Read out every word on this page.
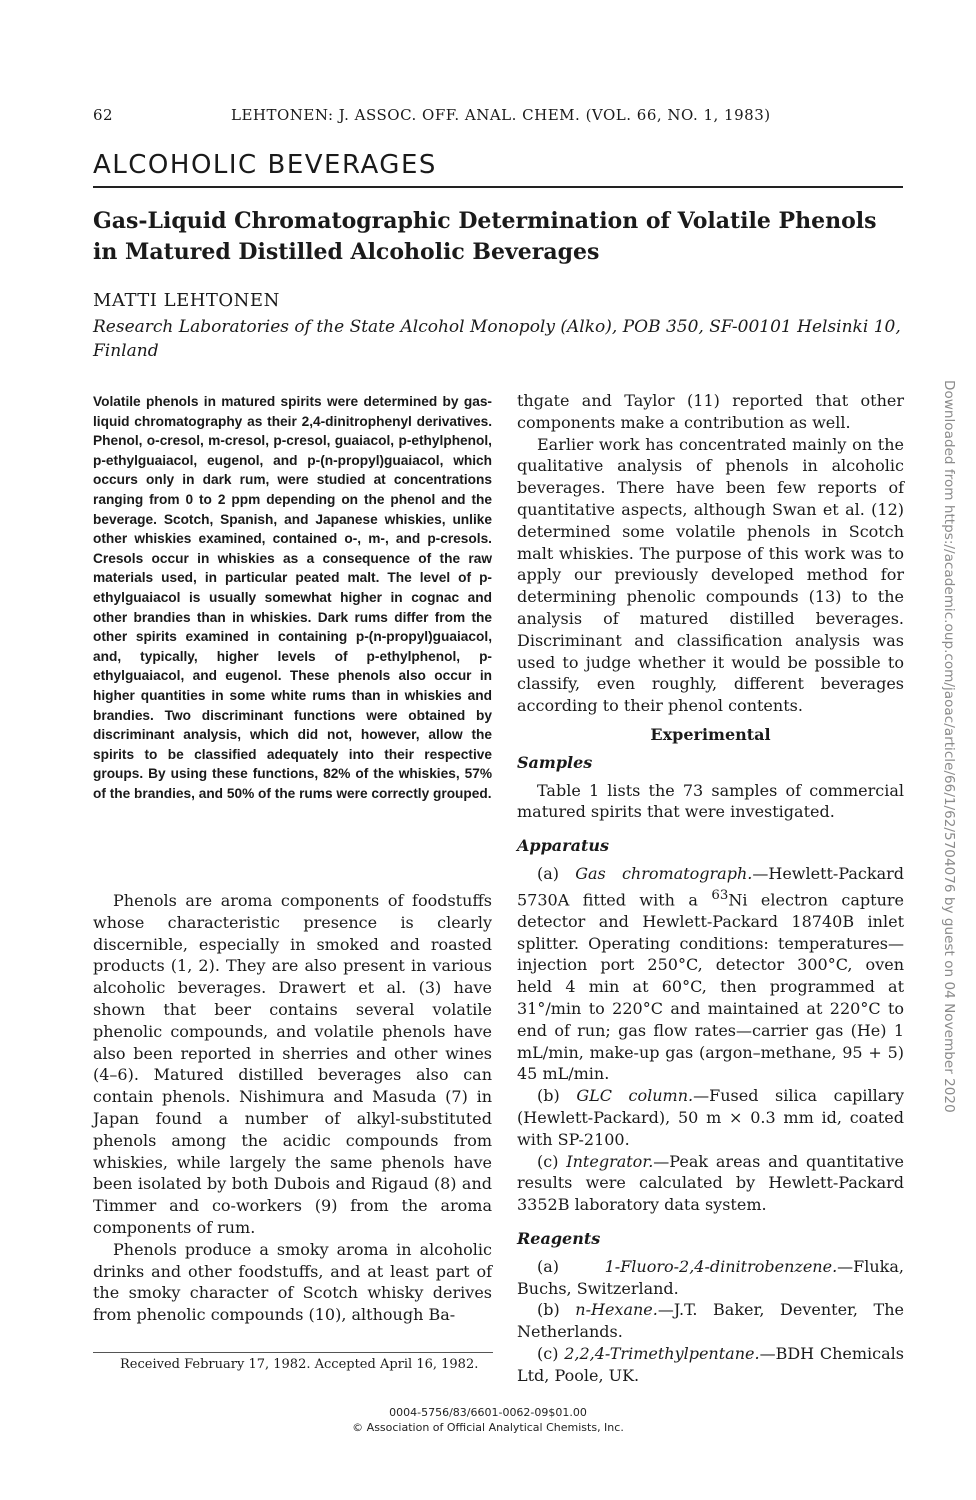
62	LEHTONEN: J. ASSOC. OFF. ANAL. CHEM. (VOL. 66, NO. 1, 1983)
ALCOHOLIC BEVERAGES
Gas-Liquid Chromatographic Determination of Volatile Phenols in Matured Distilled Alcoholic Beverages
MATTI LEHTONEN
Research Laboratories of the State Alcohol Monopoly (Alko), POB 350, SF-00101 Helsinki 10, Finland
Volatile phenols in matured spirits were determined by gas-liquid chromatography as their 2,4-dinitrophenyl derivatives. Phenol, o-cresol, m-cresol, p-cresol, guaiacol, p-ethylphenol, p-ethylguaiacol, eugenol, and p-(n-propyl)guaiacol, which occurs only in dark rum, were studied at concentrations ranging from 0 to 2 ppm depending on the phenol and the beverage. Scotch, Spanish, and Japanese whiskies, unlike other whiskies examined, contained o-, m-, and p-cresols. Cresols occur in whiskies as a consequence of the raw materials used, in particular peated malt. The level of p-ethylguaiacol is usually somewhat higher in cognac and other brandies than in whiskies. Dark rums differ from the other spirits examined in containing p-(n-propyl)guaiacol, and, typically, higher levels of p-ethylphenol, p-ethylguaiacol, and eugenol. These phenols also occur in higher quantities in some white rums than in whiskies and brandies. Two discriminant functions were obtained by discriminant analysis, which did not, however, allow the spirits to be classified adequately into their respective groups. By using these functions, 82% of the whiskies, 57% of the brandies, and 50% of the rums were correctly grouped.

Phenols are aroma components of foodstuffs whose characteristic presence is clearly discernible, especially in smoked and roasted products (1, 2). They are also present in various alcoholic beverages. Drawert et al. (3) have shown that beer contains several volatile phenolic compounds, and volatile phenols have also been reported in sherries and other wines (4–6). Matured distilled beverages also can contain phenols. Nishimura and Masuda (7) in Japan found a number of alkyl-substituted phenols among the acidic compounds from whiskies, while largely the same phenols have been isolated by both Dubois and Rigaud (8) and Timmer and co-workers (9) from the aroma components of rum.

Phenols produce a smoky aroma in alcoholic drinks and other foodstuffs, and at least part of the smoky character of Scotch whisky derives from phenolic compounds (10), although Ba-

thgate and Taylor (11) reported that other components make a contribution as well.

Earlier work has concentrated mainly on the qualitative analysis of phenols in alcoholic beverages. There have been few reports of quantitative aspects, although Swan et al. (12) determined some volatile phenols in Scotch malt whiskies. The purpose of this work was to apply our previously developed method for determining phenolic compounds (13) to the analysis of matured distilled beverages. Discriminant and classification analysis was used to judge whether it would be possible to classify, even roughly, different beverages according to their phenol contents.

Experimental

Samples

Table 1 lists the 73 samples of commercial matured spirits that were investigated.

Apparatus

(a) Gas chromatograph.—Hewlett-Packard 5730A fitted with a $^{63}$Ni electron capture detector and Hewlett-Packard 18740B inlet splitter. Operating conditions: temperatures—injection port 250°C, detector 300°C, oven held 4 min at 60°C, then programmed at 31°/min to 220°C and maintained at 220°C to end of run; gas flow rates—carrier gas (He) 1 mL/min, make-up gas (argon–methane, 95 + 5) 45 mL/min.

(b) GLC column.—Fused silica capillary (Hewlett-Packard), 50 m × 0.3 mm id, coated with SP-2100.

(c) Integrator.—Peak areas and quantitative results were calculated by Hewlett-Packard 3352B laboratory data system.

Reagents

(a)	1-Fluoro-2,4-dinitrobenzene.—Fluka, Buchs, Switzerland.

(b) n-Hexane.—J.T. Baker, Deventer, The Netherlands.

(c) 2,2,4-Trimethylpentane.—BDH Chemicals Ltd, Poole, UK.

Received February 17, 1982. Accepted April 16, 1982.
0004-5756/83/6601-0062-09$01.00
© Association of Official Analytical Chemists, Inc.
Downloaded from https://academic.oup.com/jaoac/article/66/1/62/5704076 by guest on 04 November 2020
